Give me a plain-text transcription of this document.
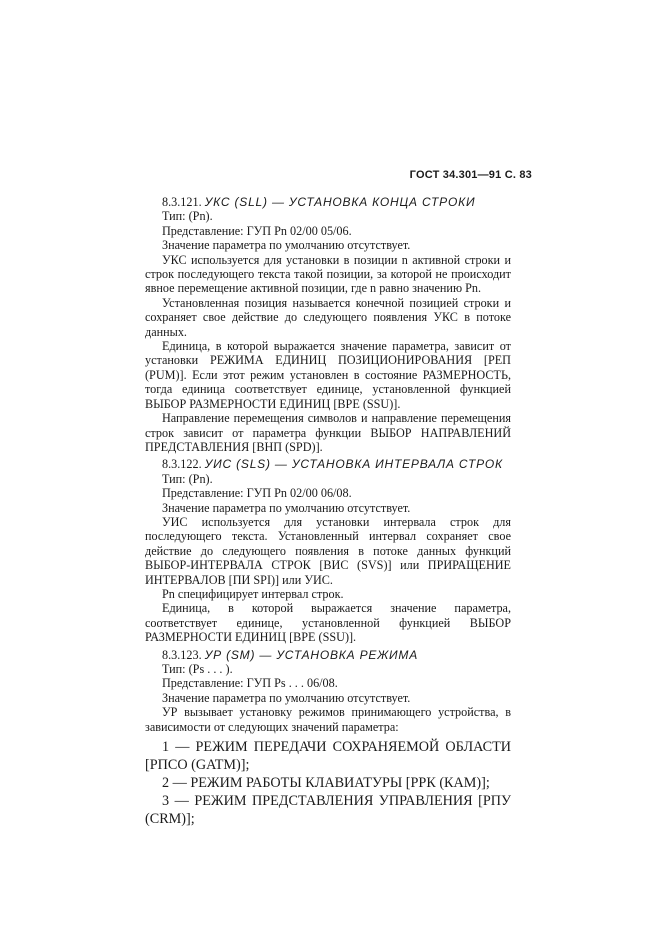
ГОСТ 34.301—91 С. 83

8.3.121. УКС (SLL) — УСТАНОВКА КОНЦА СТРОКИ

Тип: (Pn).

Представление: ГУП Pn 02/00 05/06.

Значение параметра по умолчанию отсутствует.

УКС используется для установки в позиции n активной строки и строк последующего текста такой позиции, за которой не происходит явное перемещение активной позиции, где n равно значению Pn.

Установленная позиция называется конечной позицией строки и сохраняет свое действие до следующего появления УКС в потоке данных.

Единица, в которой выражается значение параметра, зависит от установки РЕЖИМА ЕДИНИЦ ПОЗИЦИОНИРОВАНИЯ [РЕП (PUM)]. Если этот режим установлен в состояние РАЗМЕРНОСТЬ, тогда единица соответствует единице, установленной функцией ВЫБОР РАЗМЕРНОСТИ ЕДИНИЦ [ВРЕ (SSU)].

Направление перемещения символов и направление перемещения строк зависит от параметра функции ВЫБОР НАПРАВЛЕНИЙ ПРЕДСТАВЛЕНИЯ [ВНП (SPD)].

8.3.122. УИС (SLS) — УСТАНОВКА ИНТЕРВАЛА СТРОК

Тип: (Pn).

Представление: ГУП Pn 02/00 06/08.

Значение параметра по умолчанию отсутствует.

УИС используется для установки интервала строк для последующего текста. Установленный интервал сохраняет свое действие до следующего появления в потоке данных функций ВЫБОР-ИНТЕРВАЛА СТРОК [ВИС (SVS)] или ПРИРАЩЕНИЕ ИНТЕРВАЛОВ [ПИ SPI)] или УИС.

Pn специфицирует интервал строк.

Единица, в которой выражается значение параметра, соответствует единице, установленной функцией ВЫБОР РАЗМЕРНОСТИ ЕДИНИЦ [ВРЕ (SSU)].

8.3.123. УР (SM) — УСТАНОВКА РЕЖИМА

Тип: (Ps . . . ).

Представление: ГУП Ps . . . 06/08.

Значение параметра по умолчанию отсутствует.

УР вызывает установку режимов принимающего устройства, в зависимости от следующих значений параметра:

1 — РЕЖИМ ПЕРЕДАЧИ СОХРАНЯЕМОЙ ОБЛАСТИ [РПСО (GATM)];

2 — РЕЖИМ РАБОТЫ КЛАВИАТУРЫ [РРК (КАМ)];

3 — РЕЖИМ ПРЕДСТАВЛЕНИЯ УПРАВЛЕНИЯ [РПУ (CRM)];
